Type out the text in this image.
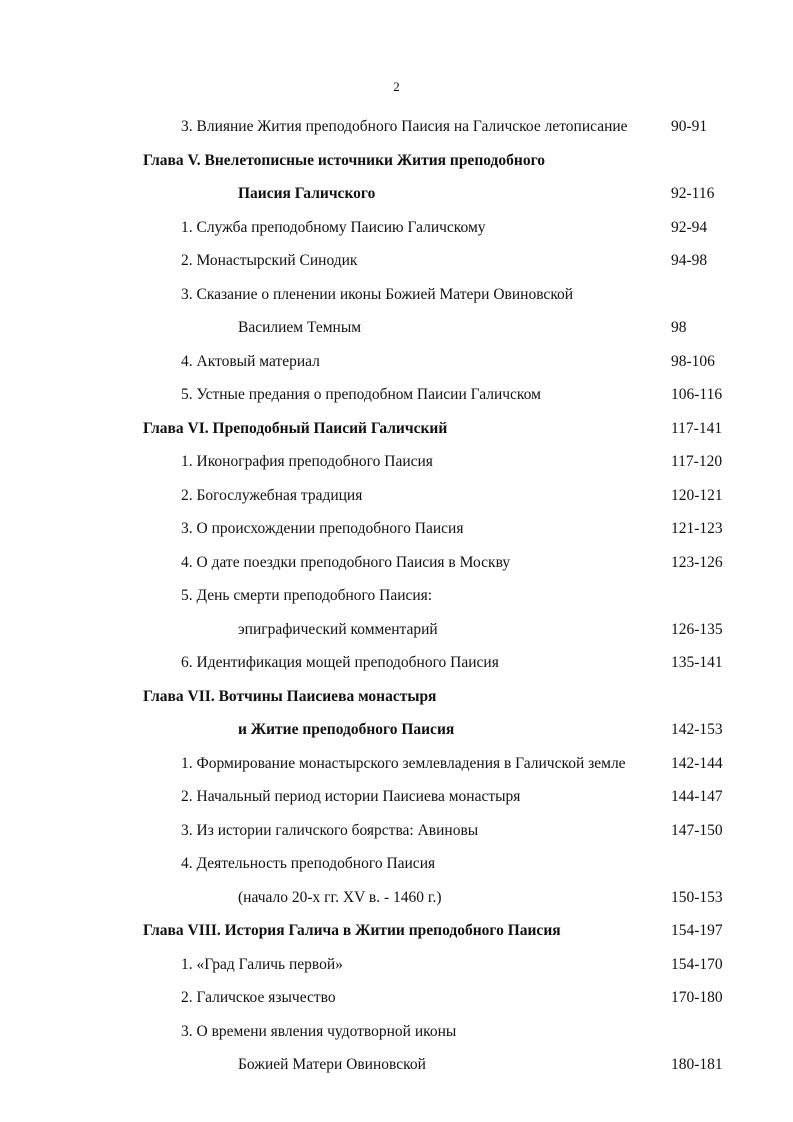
2
3. Влияние Жития преподобного Паисия на Галичское летописание	90-91
Глава V. Внелетописные источники Жития преподобного
Паисия Галичского	92-116
1. Служба преподобному Паисию Галичскому	92-94
2. Монастырский Синодик	94-98
3. Сказание о пленении иконы Божией Матери Овиновской
Василием Темным	98
4. Актовый материал	98-106
5. Устные предания о преподобном Паисии Галичском	106-116
Глава VI. Преподобный Паисий Галичский	117-141
1. Иконография преподобного Паисия	117-120
2. Богослужебная традиция	120-121
3. О происхождении преподобного Паисия	121-123
4. О дате поездки преподобного Паисия в Москву	123-126
5. День смерти преподобного Паисия:
эпиграфический комментарий	126-135
6. Идентификация мощей преподобного Паисия	135-141
Глава VII. Вотчины Паисиева монастыря
и Житие преподобного Паисия	142-153
1. Формирование монастырского землевладения в Галичской земле	142-144
2. Начальный период истории Паисиева монастыря	144-147
3. Из истории галичского боярства: Авиновы	147-150
4. Деятельность преподобного Паисия
(начало 20-х гг. XV в. - 1460 г.)	150-153
Глава VIII. История Галича в Житии преподобного Паисия	154-197
1. «Град Галичь первой»	154-170
2. Галичское язычество	170-180
3. О времени явления чудотворной иконы
Божией Матери Овиновской	180-181
